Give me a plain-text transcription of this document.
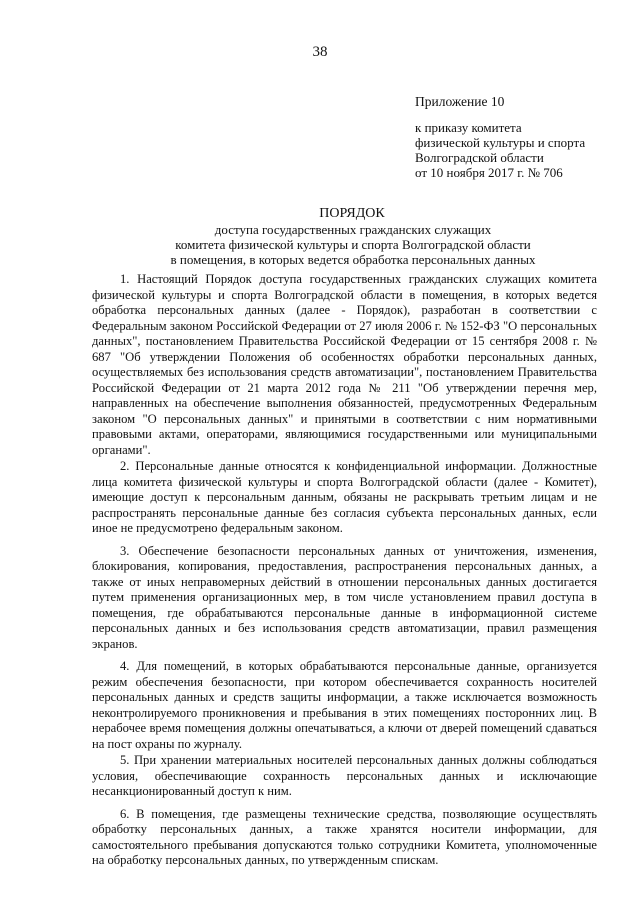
38
Приложение 10
к приказу комитета
физической культуры и спорта
Волгоградской области
от 10 ноября 2017 г. № 706
ПОРЯДОК
доступа государственных гражданских служащих
комитета физической культуры и спорта Волгоградской области
в помещения, в которых ведется обработка персональных данных

1. Настоящий Порядок доступа государственных гражданских служащих комитета физической культуры и спорта Волгоградской области в помещения, в которых ведется обработка персональных данных (далее - Порядок), разработан в соответствии с Федеральным законом Российской Федерации от 27 июля 2006 г. № 152-ФЗ "О персональных данных", постановлением Правительства Российской Федерации от 15 сентября 2008 г. № 687 "Об утверждении Положения об особенностях обработки персональных данных, осуществляемых без использования средств автоматизации", постановлением Правительства Российской Федерации от 21 марта 2012 года № 211 "Об утверждении перечня мер, направленных на обеспечение выполнения обязанностей, предусмотренных Федеральным законом "О персональных данных" и принятыми в соответствии с ним нормативными правовыми актами, операторами, являющимися государственными или муниципальными органами".

2. Персональные данные относятся к конфиденциальной информации. Должностные лица комитета физической культуры и спорта Волгоградской области (далее - Комитет), имеющие доступ к персональным данным, обязаны не раскрывать третьим лицам и не распространять персональные данные без согласия субъекта персональных данных, если иное не предусмотрено федеральным законом.

3. Обеспечение безопасности персональных данных от уничтожения, изменения, блокирования, копирования, предоставления, распространения персональных данных, а также от иных неправомерных действий в отношении персональных данных достигается путем применения организационных мер, в том числе установлением правил доступа в помещения, где обрабатываются персональные данные в информационной системе персональных данных и без использования средств автоматизации, правил размещения экранов.

4. Для помещений, в которых обрабатываются персональные данные, организуется режим обеспечения безопасности, при котором обеспечивается сохранность носителей персональных данных и средств защиты информации, а также исключается возможность неконтролируемого проникновения и пребывания в этих помещениях посторонних лиц. В нерабочее время помещения должны опечатываться, а ключи от дверей помещений сдаваться на пост охраны по журналу.

5. При хранении материальных носителей персональных данных должны соблюдаться условия, обеспечивающие сохранность персональных данных и исключающие несанкционированный доступ к ним.

6. В помещения, где размещены технические средства, позволяющие осуществлять обработку персональных данных, а также хранятся носители информации, для самостоятельного пребывания допускаются только сотрудники Комитета, уполномоченные на обработку персональных данных, по утвержденным спискам.
